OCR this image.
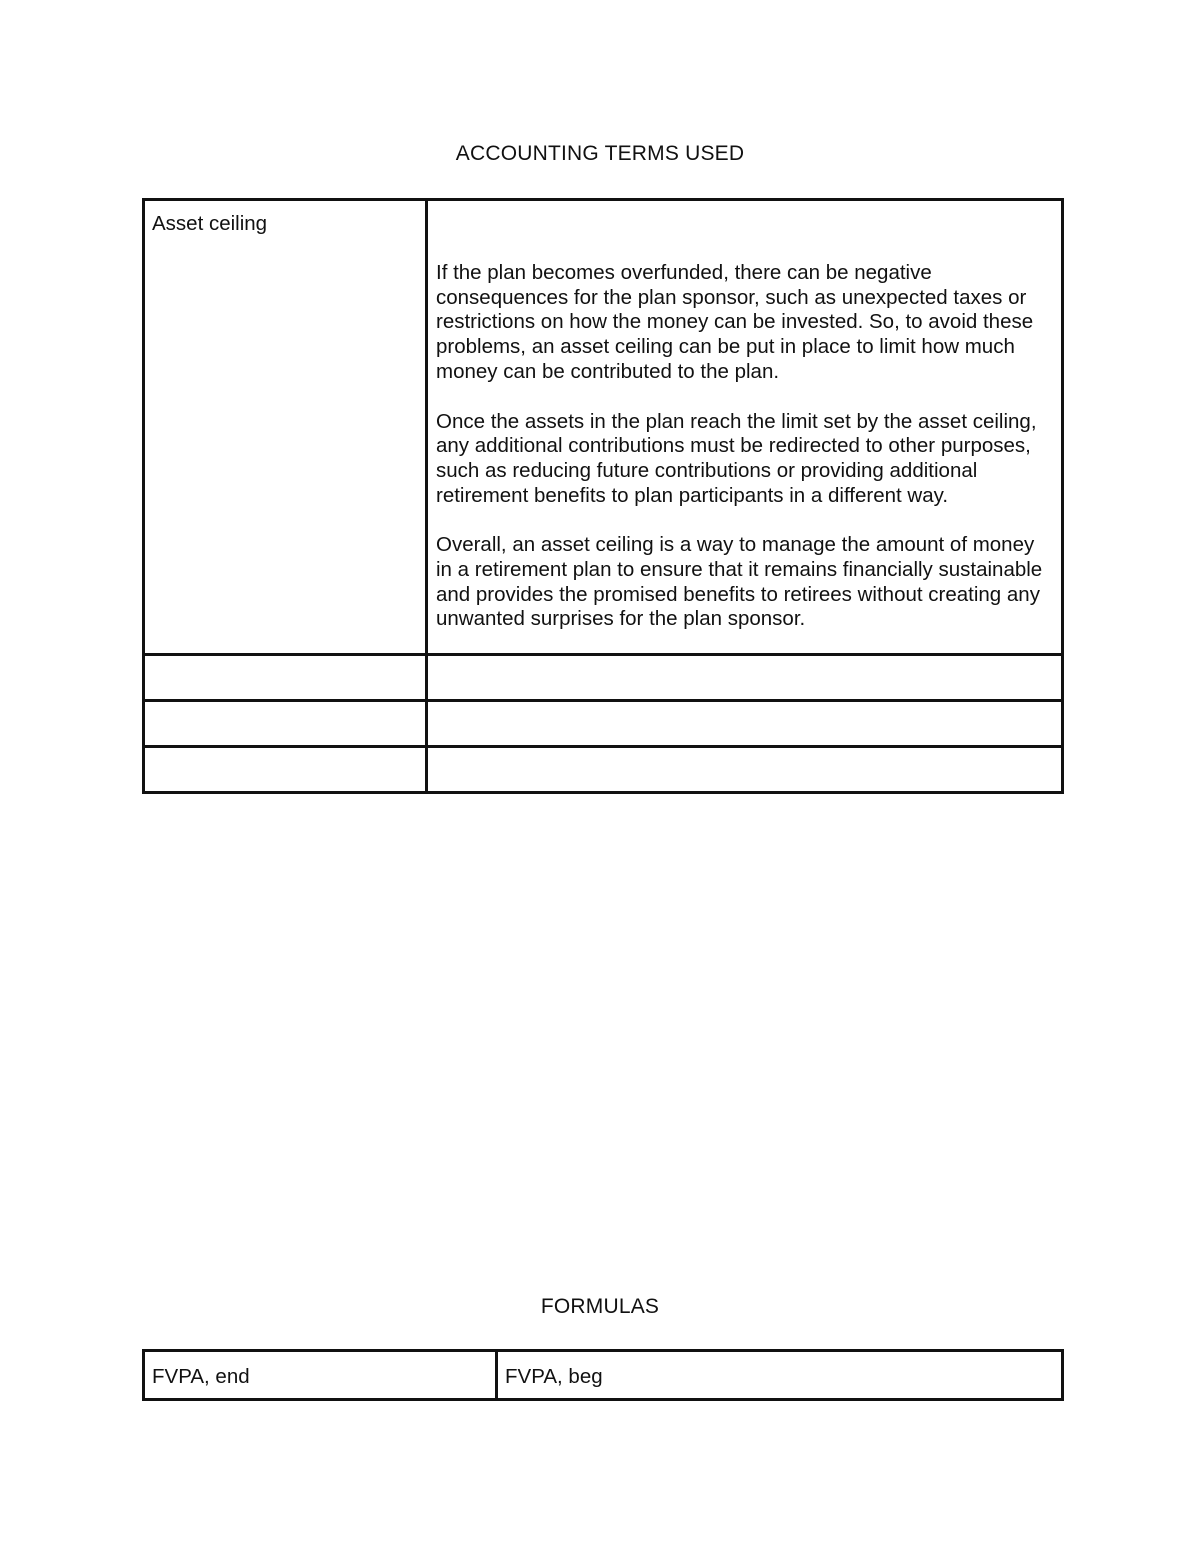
ACCOUNTING TERMS USED
Asset ceiling	If the plan becomes overfunded, there can be negative consequences for the plan sponsor, such as unexpected taxes or restrictions on how the money can be invested. So, to avoid these problems, an asset ceiling can be put in place to limit how much money can be contributed to the plan.

Once the assets in the plan reach the limit set by the asset ceiling, any additional contributions must be redirected to other purposes, such as reducing future contributions or providing additional retirement benefits to plan participants in a different way.

Overall, an asset ceiling is a way to manage the amount of money in a retirement plan to ensure that it remains financially sustainable and provides the promised benefits to retirees without creating any unwanted surprises for the plan sponsor.

FORMULAS
FVPA, end	FVPA, beg
